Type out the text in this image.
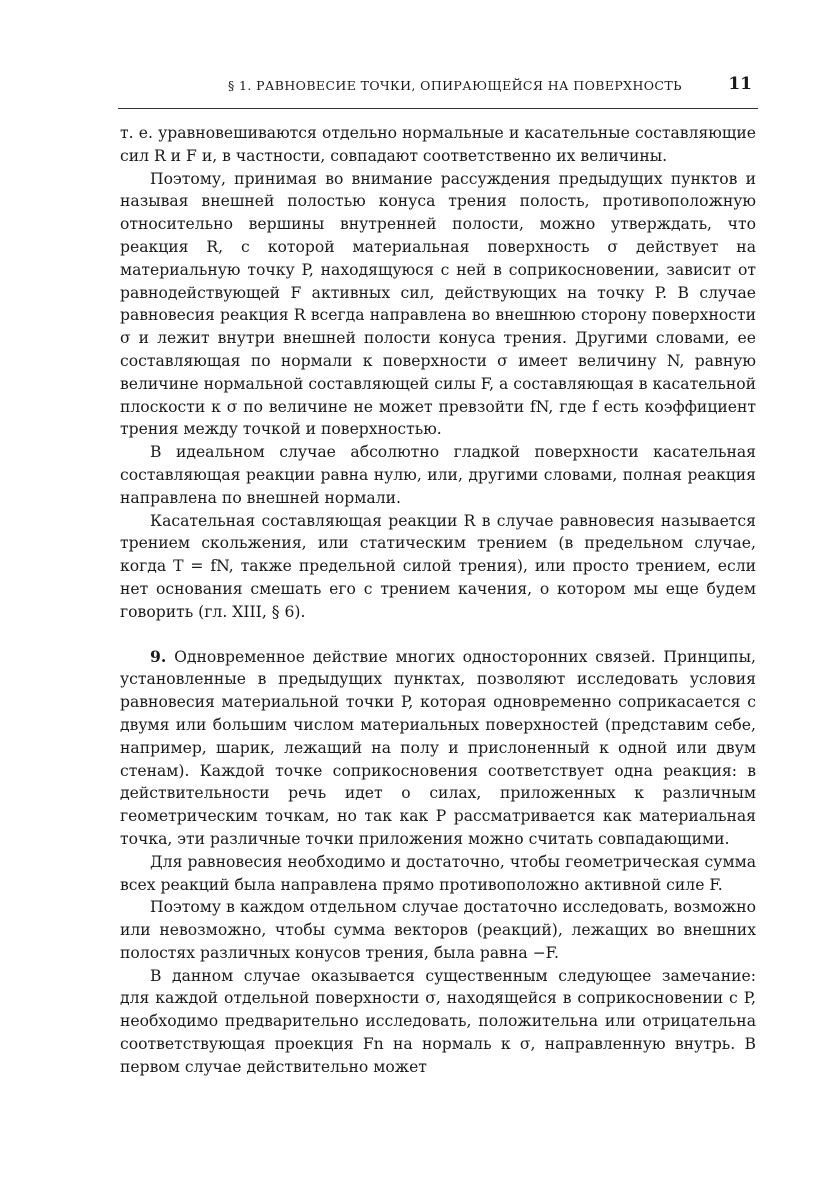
§ 1. РАВНОВЕСИЕ ТОЧКИ, ОПИРАЮЩЕЙСЯ НА ПОВЕРХНОСТЬ	11

т. е. уравновешиваются отдельно нормальные и касательные составляющие сил R и F и, в частности, совпадают соответственно их величины.

Поэтому, принимая во внимание рассуждения предыдущих пунктов и называя внешней полостью конуса трения полость, противоположную относительно вершины внутренней полости, можно утверждать, что реакция R, с которой материальная поверхность σ действует на материальную точку P, находящуюся с ней в соприкосновении, зависит от равнодействующей F активных сил, действующих на точку P. В случае равновесия реакция R всегда направлена во внешнюю сторону поверхности σ и лежит внутри внешней полости конуса трения. Другими словами, ее составляющая по нормали к поверхности σ имеет величину N, равную величине нормальной составляющей силы F, а составляющая в касательной плоскости к σ по величине не может превзойти fN, где f есть коэффициент трения между точкой и поверхностью.

В идеальном случае абсолютно гладкой поверхности касательная составляющая реакции равна нулю, или, другими словами, полная реакция направлена по внешней нормали.

Касательная составляющая реакции R в случае равновесия называется трением скольжения, или статическим трением (в предельном случае, когда T = fN, также предельной силой трения), или просто трением, если нет основания смешать его с трением качения, о котором мы еще будем говорить (гл. XIII, § 6).

9. Одновременное действие многих односторонних связей. Принципы, установленные в предыдущих пунктах, позволяют исследовать условия равновесия материальной точки P, которая одновременно соприкасается с двумя или большим числом материальных поверхностей (представим себе, например, шарик, лежащий на полу и прислоненный к одной или двум стенам). Каждой точке соприкосновения соответствует одна реакция: в действительности речь идет о силах, приложенных к различным геометрическим точкам, но так как P рассматривается как материальная точка, эти различные точки приложения можно считать совпадающими.

Для равновесия необходимо и достаточно, чтобы геометрическая сумма всех реакций была направлена прямо противоположно активной силе F.

Поэтому в каждом отдельном случае достаточно исследовать, возможно или невозможно, чтобы сумма векторов (реакций), лежащих во внешних полостях различных конусов трения, была равна −F.

В данном случае оказывается существенным следующее замечание: для каждой отдельной поверхности σ, находящейся в соприкосновении с P, необходимо предварительно исследовать, положительна или отрицательна соответствующая проекция Fn на нормаль к σ, направленную внутрь. В первом случае действительно может
